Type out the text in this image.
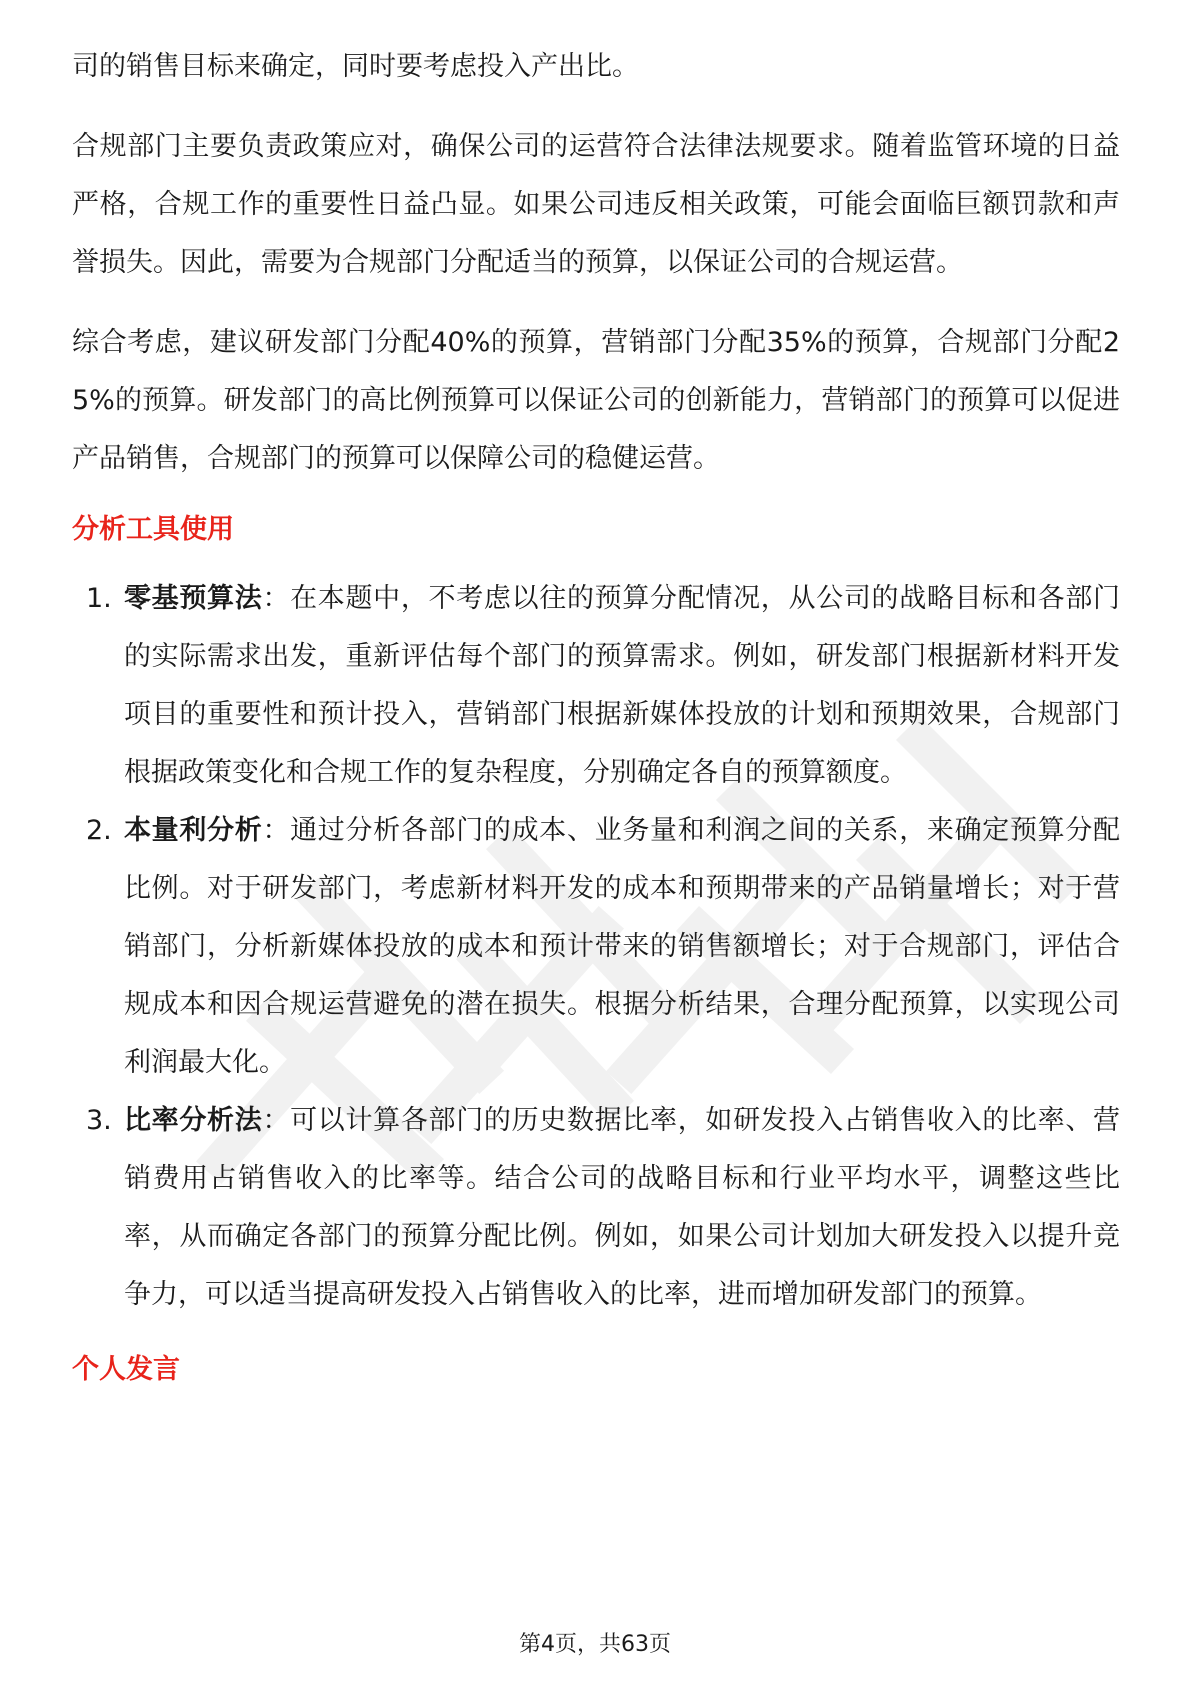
司的销售目标来确定，同时要考虑投入产出比。

合规部门主要负责政策应对，确保公司的运营符合法律法规要求。随着监管环境的日益严格，合规工作的重要性日益凸显。如果公司违反相关政策，可能会面临巨额罚款和声誉损失。因此，需要为合规部门分配适当的预算，以保证公司的合规运营。

综合考虑，建议研发部门分配40%的预算，营销部门分配35%的预算，合规部门分配25%的预算。研发部门的高比例预算可以保证公司的创新能力，营销部门的预算可以促进产品销售，合规部门的预算可以保障公司的稳健运营。

分析工具使用
1. 零基预算法：在本题中，不考虑以往的预算分配情况，从公司的战略目标和各部门的实际需求出发，重新评估每个部门的预算需求。例如，研发部门根据新材料开发项目的重要性和预计投入，营销部门根据新媒体投放的计划和预期效果，合规部门根据政策变化和合规工作的复杂程度，分别确定各自的预算额度。
2. 本量利分析：通过分析各部门的成本、业务量和利润之间的关系，来确定预算分配比例。对于研发部门，考虑新材料开发的成本和预期带来的产品销量增长；对于营销部门，分析新媒体投放的成本和预计带来的销售额增长；对于合规部门，评估合规成本和因合规运营避免的潜在损失。根据分析结果，合理分配预算，以实现公司利润最大化。
3. 比率分析法：可以计算各部门的历史数据比率，如研发投入占销售收入的比率、营销费用占销售收入的比率等。结合公司的战略目标和行业平均水平，调整这些比率，从而确定各部门的预算分配比例。例如，如果公司计划加大研发投入以提升竞争力，可以适当提高研发投入占销售收入的比率，进而增加研发部门的预算。
个人发言
第4页，共63页
